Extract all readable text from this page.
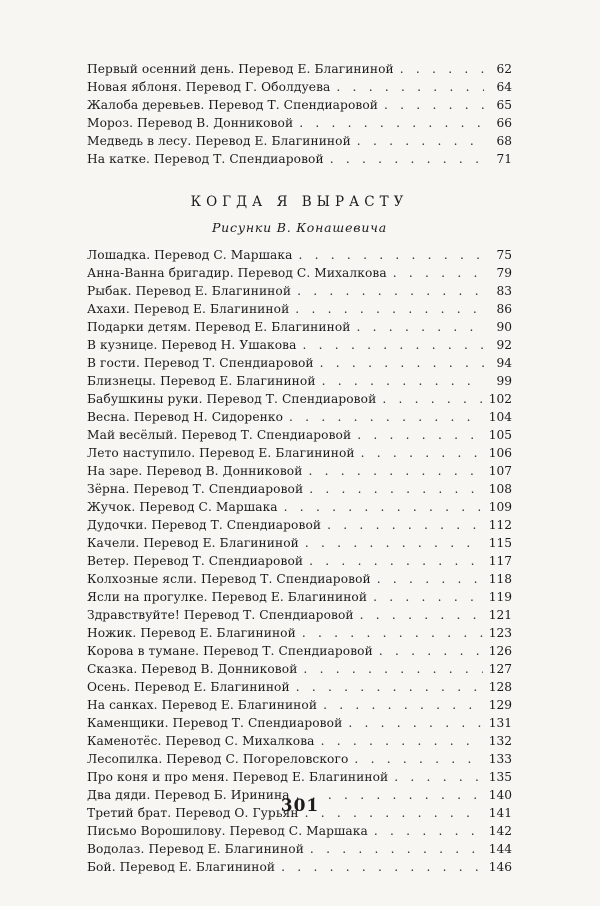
Первый осенний день. Перевод Е. Благининой . . .	62
Новая яблоня. Перевод Г. Оболдуева . . .	64
Жалоба деревьев. Перевод Т. Спендиаровой . . .	65
Мороз. Перевод В. Донниковой . . .	66
Медведь в лесу. Перевод Е. Благининой . . .	68
На катке. Перевод Т. Спендиаровой . . .	71
КОГДА Я ВЫРАСТУ
Рисунки В. Конашевича
Лошадка. Перевод С. Маршака . . .	75
Анна-Ванна бригадир. Перевод С. Михалкова . . .	79
Рыбак. Перевод Е. Благининой . . .	83
Ахахи. Перевод Е. Благининой . . .	86
Подарки детям. Перевод Е. Благининой . . .	90
В кузнице. Перевод Н. Ушакова . . .	92
В гости. Перевод Т. Спендиаровой . . .	94
Близнецы. Перевод Е. Благининой . . .	99
Бабушкины руки. Перевод Т. Спендиаровой . . .	102
Весна. Перевод Н. Сидоренко . . .	104
Май весёлый. Перевод Т. Спендиаровой . . .	105
Лето наступило. Перевод Е. Благининой . . .	106
На заре. Перевод В. Донниковой . . .	107
Зёрна. Перевод Т. Спендиаровой . . .	108
Жучок. Перевод С. Маршака . . .	109
Дудочки. Перевод Т. Спендиаровой . . .	112
Качели. Перевод Е. Благининой . . .	115
Ветер. Перевод Т. Спендиаровой . . .	117
Колхозные ясли. Перевод Т. Спендиаровой . . .	118
Ясли на прогулке. Перевод Е. Благининой . . .	119
Здравствуйте! Перевод Т. Спендиаровой . . .	121
Ножик. Перевод Е. Благининой . . .	123
Корова в тумане. Перевод Т. Спендиаровой . . .	126
Сказка. Перевод В. Донниковой . . .	127
Осень. Перевод Е. Благининой . . .	128
На санках. Перевод Е. Благининой . . .	129
Каменщики. Перевод Т. Спендиаровой . . .	131
Каменотёс. Перевод С. Михалкова . . .	132
Лесопилка. Перевод С. Погореловского . . .	133
Про коня и про меня. Перевод Е. Благининой . . .	135
Два дяди. Перевод Б. Иринина . . .	140
Третий брат. Перевод О. Гурьян . . .	141
Письмо Ворошилову. Перевод С. Маршака . . .	142
Водолаз. Перевод Е. Благининой . . .	144
Бой. Перевод Е. Благининой . . .	146
301
